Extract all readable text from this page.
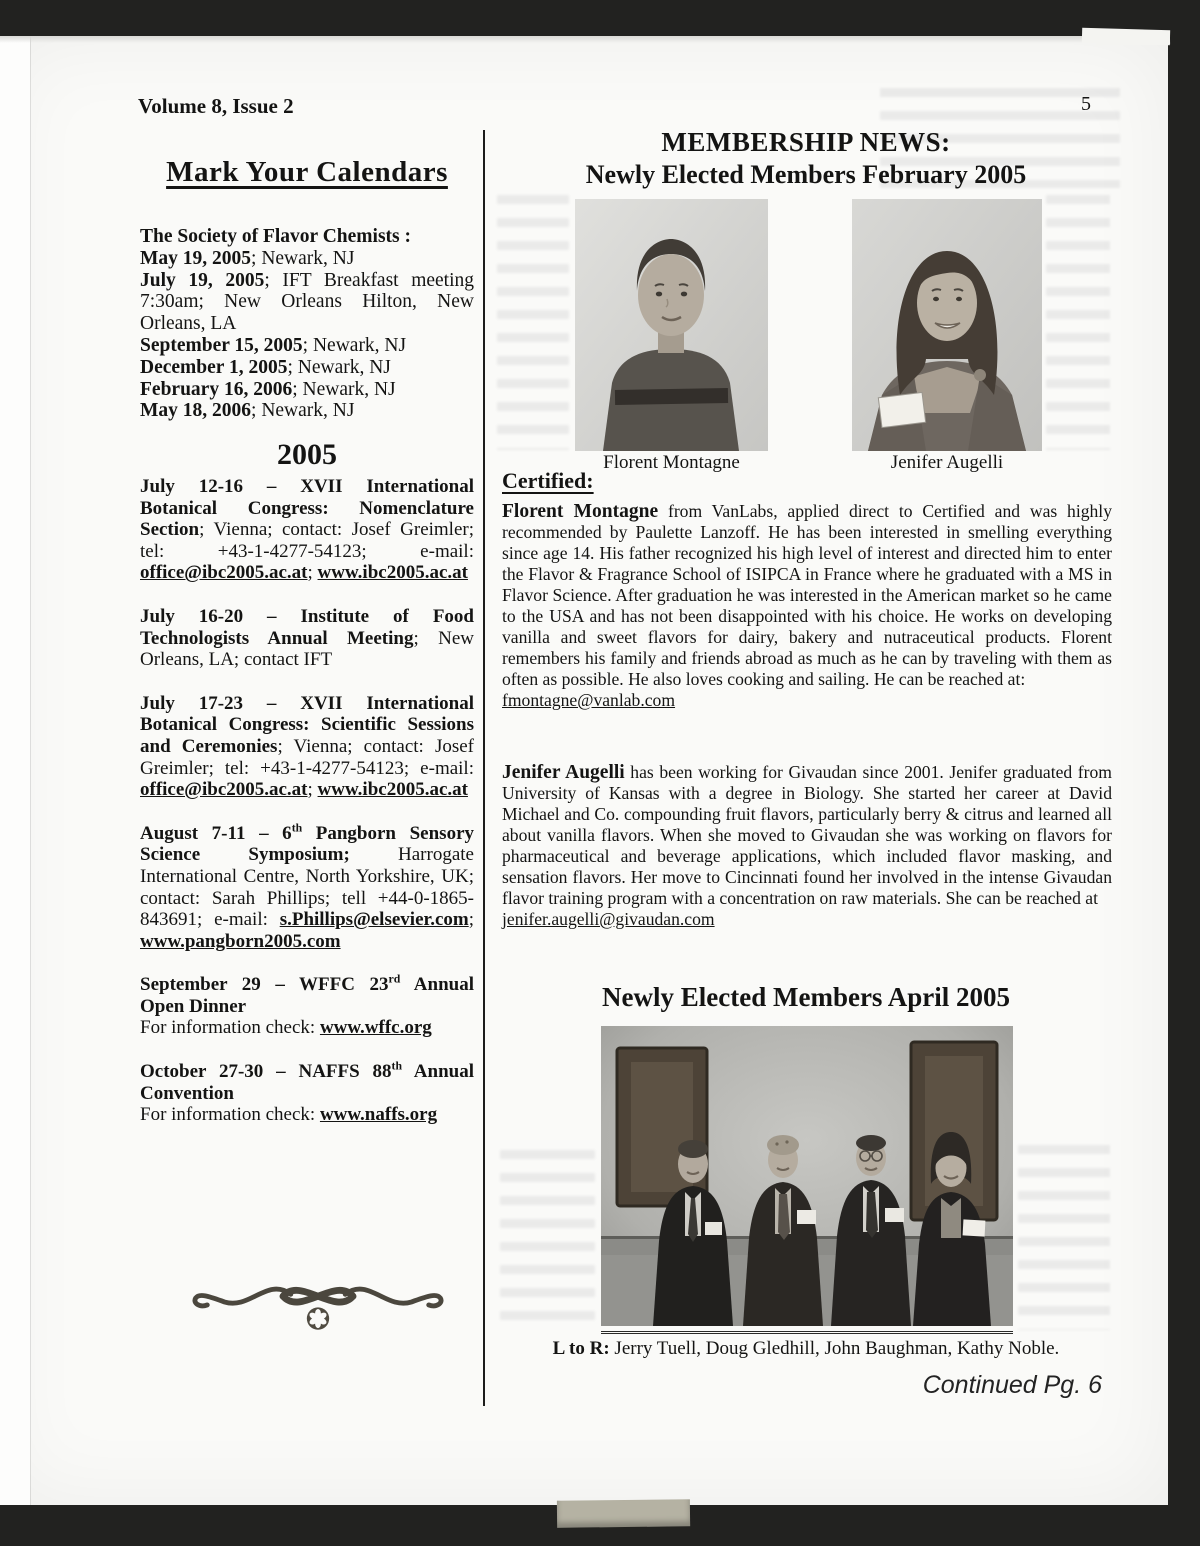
Volume 8, Issue 2	5
Mark Your Calendars
The Society of Flavor Chemists :
May 19, 2005; Newark, NJ
July 19, 2005; IFT Breakfast meeting 7:30am; New Orleans Hilton, New Orleans, LA
September 15, 2005; Newark, NJ
December 1, 2005; Newark, NJ
February 16, 2006; Newark, NJ
May 18, 2006; Newark, NJ
2005

July 12-16 – XVII International Botanical Congress: Nomenclature Section; Vienna; contact: Josef Greimler; tel: +43-1-4277-54123; e-mail: office@ibc2005.ac.at; www.ibc2005.ac.at

July 16-20 – Institute of Food Technologists Annual Meeting; New Orleans, LA; contact IFT

July 17-23 – XVII International Botanical Congress: Scientific Sessions and Ceremonies; Vienna; contact: Josef Greimler; tel: +43-1-4277-54123; e-mail: office@ibc2005.ac.at; www.ibc2005.ac.at

August 7-11 – 6th Pangborn Sensory Science Symposium; Harrogate International Centre, North Yorkshire, UK; contact: Sarah Phillips; tell +44-0-1865-843691; e-mail: s.Phillips@elsevier.com; www.pangborn2005.com

September 29 – WFFC 23rd Annual Open Dinner
For information check: www.wffc.org

October 27-30 – NAFFS 88th Annual Convention
For information check: www.naffs.org

MEMBERSHIP NEWS:
Newly Elected Members February 2005
Florent Montagne	Jenifer Augelli
Certified:

Florent Montagne from VanLabs, applied direct to Certified and was highly recommended by Paulette Lanzoff. He has been interested in smelling everything since age 14. His father recognized his high level of interest and directed him to enter the Flavor & Fragrance School of ISIPCA in France where he graduated with a MS in Flavor Science. After graduation he was interested in the American market so he came to the USA and has not been disappointed with his choice. He works on developing vanilla and sweet flavors for dairy, bakery and nutraceutical products. Florent remembers his family and friends abroad as much as he can by traveling with them as often as possible. He also loves cooking and sailing. He can be reached at:
fmontagne@vanlab.com

Jenifer Augelli has been working for Givaudan since 2001. Jenifer graduated from University of Kansas with a degree in Biology. She started her career at David Michael and Co. compounding fruit flavors, particularly berry & citrus and learned all about vanilla flavors. When she moved to Givaudan she was working on flavors for pharmaceutical and beverage applications, which included flavor masking, and sensation flavors. Her move to Cincinnati found her involved in the intense Givaudan flavor training program with a concentration on raw materials. She can be reached at
jenifer.augelli@givaudan.com

Newly Elected Members April 2005
L to R: Jerry Tuell, Doug Gledhill, John Baughman, Kathy Noble.
Continued Pg. 6
